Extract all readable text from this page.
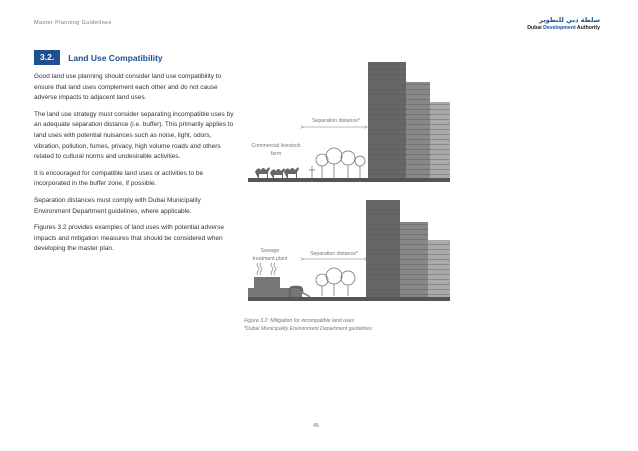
Master Planning Guidelines	سلطة دبي للتطوير
Dubai Development Authority
3.2.	Land Use Compatibility

Good land use planning should consider land use compatibility to ensure that land uses complement each other and do not cause adverse impacts to adjacent land uses.

The land use strategy must consider separating incompatible uses by an adequate separation distance (i.e. buffer). This primarily applies to land uses with potential nuisances such as noise, light, odors, vibration, pollution, fumes, privacy, high volume roads and others related to cultural norms and undesirable activities.

It is encouraged for compatible land uses or activities to be incorporated in the buffer zone, if possible.

Separation distances must comply with Dubai Municipality Environment Department guidelines, where applicable.

Figures 3.2 provides examples of land uses with potential adverse impacts and mitigation measures that should be considered when developing the master plan.

Separation distance*
Commercial livestock
farm
Separation distance*
Sewage
treatment plant
Figure 3.2: Mitigation for incompatible land uses
*Dubai Municipality Environment Department guidelines
45
